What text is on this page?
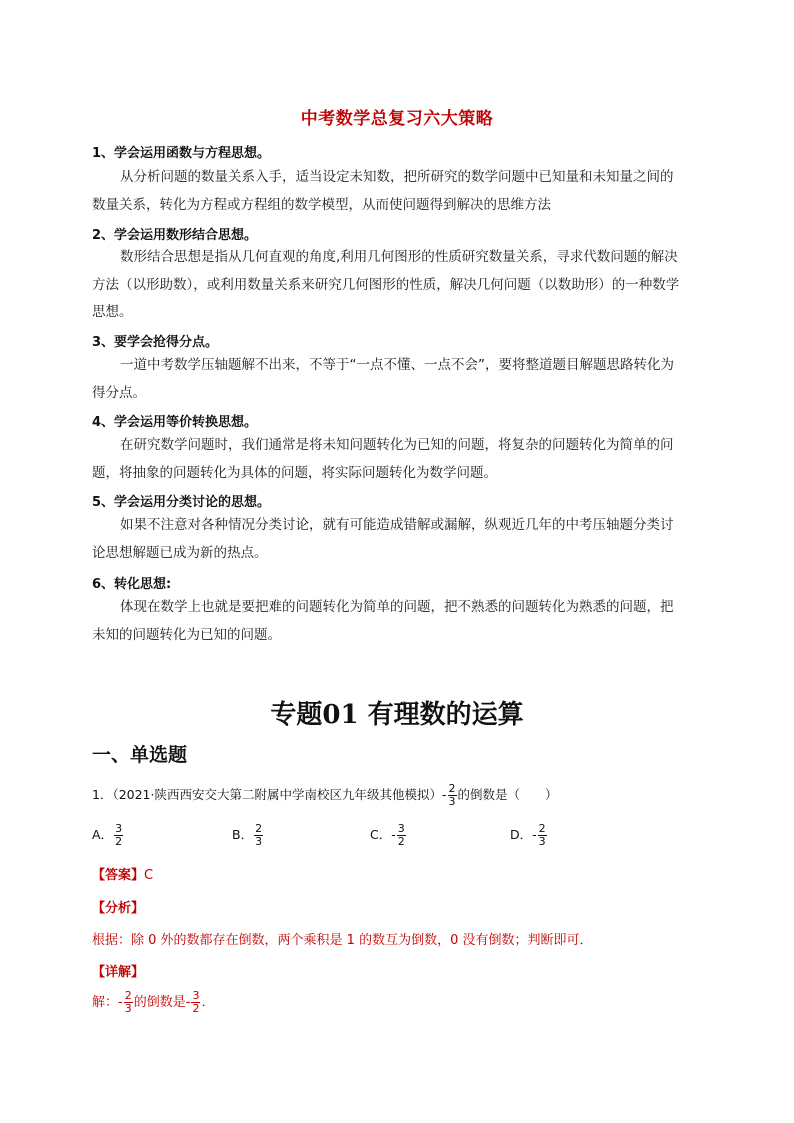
中考数学总复习六大策略
1、学会运用函数与方程思想。
从分析问题的数量关系入手，适当设定未知数，把所研究的数学问题中已知量和未知量之间的
数量关系，转化为方程或方程组的数学模型，从而使问题得到解决的思维方法
2、学会运用数形结合思想。
数形结合思想是指从几何直观的角度,利用几何图形的性质研究数量关系，寻求代数问题的解决
方法（以形助数），或利用数量关系来研究几何图形的性质，解决几何问题（以数助形）的一种数学
思想。
3、要学会抢得分点。
一道中考数学压轴题解不出来，不等于“一点不懂、一点不会”，要将整道题目解题思路转化为
得分点。
4、学会运用等价转换思想。
在研究数学问题时，我们通常是将未知问题转化为已知的问题，将复杂的问题转化为简单的问
题，将抽象的问题转化为具体的问题，将实际问题转化为数学问题。
5、学会运用分类讨论的思想。
如果不注意对各种情况分类讨论，就有可能造成错解或漏解，纵观近几年的中考压轴题分类讨
论思想解题已成为新的热点。
6、转化思想:
体现在数学上也就是要把难的问题转化为简单的问题，把不熟悉的问题转化为熟悉的问题，把
未知的问题转化为已知的问题。
专题01 有理数的运算
一、单选题
1．（2021·陕西西安交大第二附属中学南校区九年级其他模拟）- $\frac{2}{3}$ 的倒数是（　　）
A． $\frac{3}{2}$	B． $\frac{2}{3}$	C．- $\frac{3}{2}$	D．- $\frac{2}{3}$
【答案】C
【分析】
根据：除 0 外的数都存在倒数，两个乘积是 1 的数互为倒数，0 没有倒数；判断即可．
【详解】
解：- $\frac{2}{3}$ 的倒数是- $\frac{3}{2}$ ．
